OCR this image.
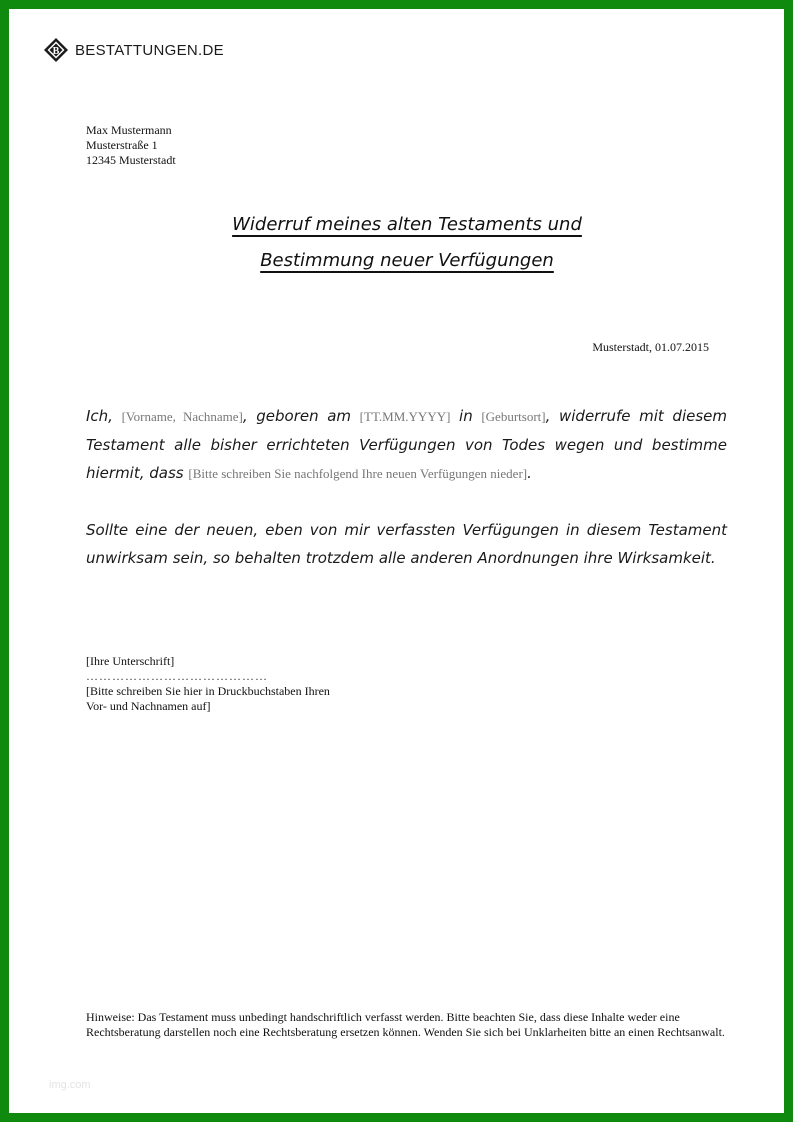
B BESTATTUNGEN.DE
Max Mustermann
Musterstraße 1
12345 Musterstadt
Widerruf meines alten Testaments und
Bestimmung neuer Verfügungen
Musterstadt, 01.07.2015
Ich, [Vorname, Nachname], geboren am [TT.MM.YYYY] in [Geburtsort], widerrufe mit diesem Testament alle bisher errichteten Verfügungen von Todes wegen und bestimme hiermit, dass [Bitte schreiben Sie nachfolgend Ihre neuen Verfügungen nieder].
Sollte eine der neuen, eben von mir verfassten Verfügungen in diesem Testament unwirksam sein, so behalten trotzdem alle anderen Anordnungen ihre Wirksamkeit.
[Ihre Unterschrift]
……………………………………
[Bitte schreiben Sie hier in Druckbuchstaben Ihren
Vor- und Nachnamen auf]
Hinweise: Das Testament muss unbedingt handschriftlich verfasst werden. Bitte beachten Sie, dass diese Inhalte weder eine Rechtsberatung darstellen noch eine Rechtsberatung ersetzen können. Wenden Sie sich bei Unklarheiten bitte an einen Rechtsanwalt.
img.com
